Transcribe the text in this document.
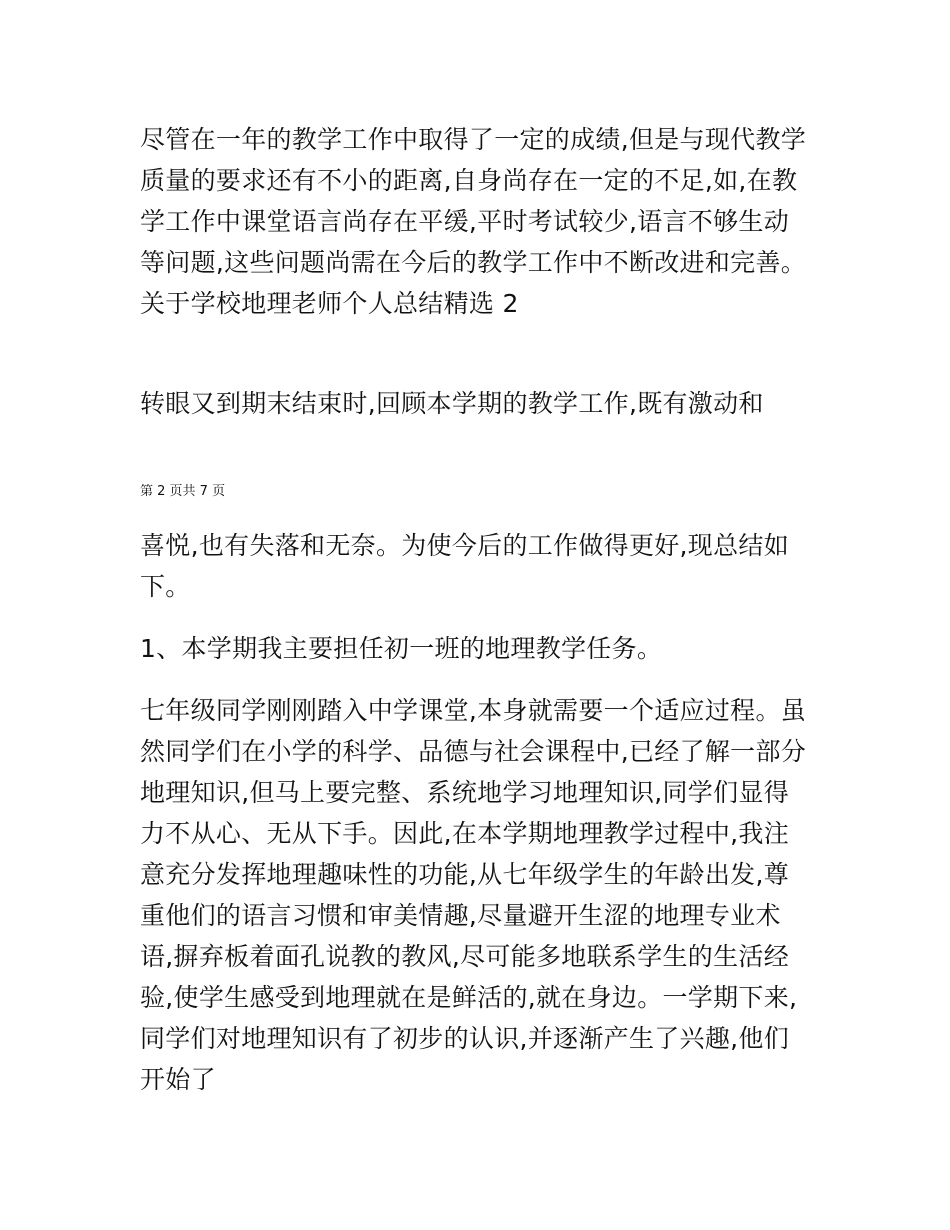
尽管在一年的教学工作中取得了一定的成绩,但是与现代教学质量的要求还有不小的距离,自身尚存在一定的不足,如,在教学工作中课堂语言尚存在平缓,平时考试较少,语言不够生动等问题,这些问题尚需在今后的教学工作中不断改进和完善。 关于学校地理老师个人总结精选 2

转眼又到期末结束时,回顾本学期的教学工作,既有激动和

第 2 页共 7 页

喜悦,也有失落和无奈。为使今后的工作做得更好,现总结如下。

1、本学期我主要担任初一班的地理教学任务。

七年级同学刚刚踏入中学课堂,本身就需要一个适应过程。虽然同学们在小学的科学、品德与社会课程中,已经了解一部分地理知识,但马上要完整、系统地学习地理知识,同学们显得力不从心、无从下手。因此,在本学期地理教学过程中,我注意充分发挥地理趣味性的功能,从七年级学生的年龄出发,尊重他们的语言习惯和审美情趣,尽量避开生涩的地理专业术语,摒弃板着面孔说教的教风,尽可能多地联系学生的生活经验,使学生感受到地理就在是鲜活的,就在身边。一学期下来,同学们对地理知识有了初步的认识,并逐渐产生了兴趣,他们开始了
